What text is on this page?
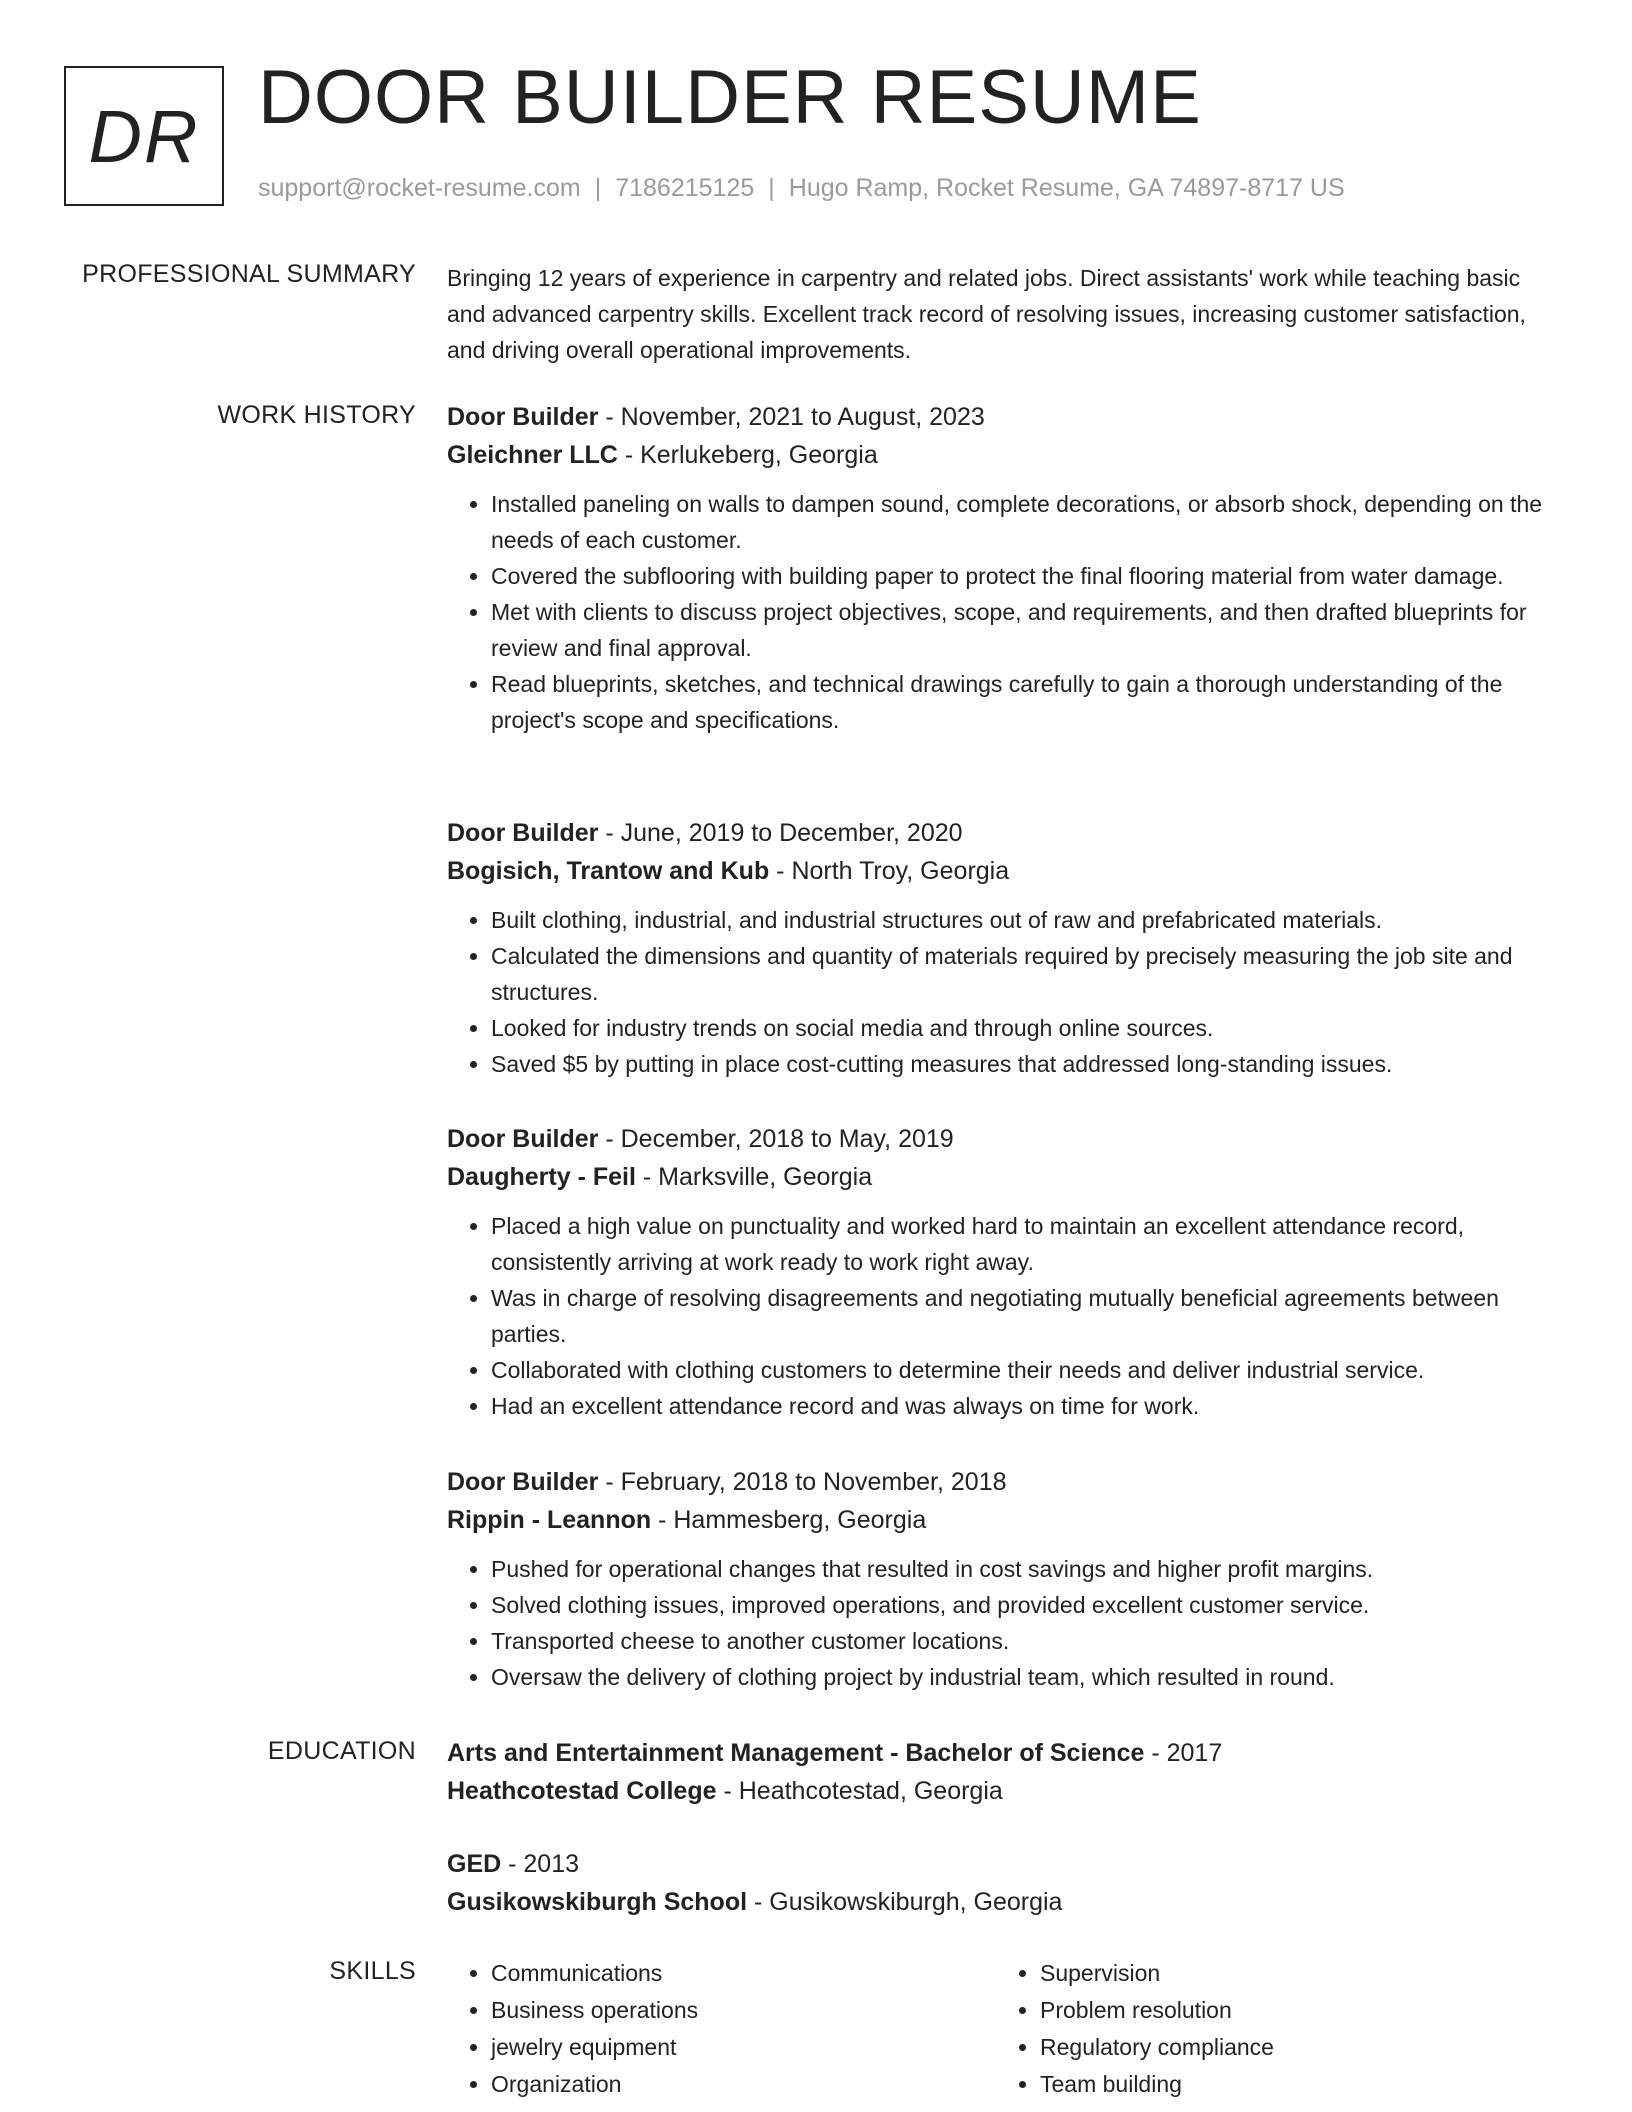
DR DOOR BUILDER RESUME
support@rocket-resume.com | 7186215125 | Hugo Ramp, Rocket Resume, GA 74897-8717 US
PROFESSIONAL SUMMARY Bringing 12 years of experience in carpentry and related jobs. Direct assistants' work while teaching basic and advanced carpentry skills. Excellent track record of resolving issues, increasing customer satisfaction, and driving overall operational improvements.
WORK HISTORY Door Builder - November, 2021 to August, 2023
Gleichner LLC - Kerlukeberg, Georgia
• Installed paneling on walls to dampen sound, complete decorations, or absorb shock, depending on the needs of each customer.
• Covered the subflooring with building paper to protect the final flooring material from water damage.
• Met with clients to discuss project objectives, scope, and requirements, and then drafted blueprints for review and final approval.
• Read blueprints, sketches, and technical drawings carefully to gain a thorough understanding of the project's scope and specifications.
Door Builder - June, 2019 to December, 2020
Bogisich, Trantow and Kub - North Troy, Georgia
• Built clothing, industrial, and industrial structures out of raw and prefabricated materials.
• Calculated the dimensions and quantity of materials required by precisely measuring the job site and structures.
• Looked for industry trends on social media and through online sources.
• Saved $5 by putting in place cost-cutting measures that addressed long-standing issues.
Door Builder - December, 2018 to May, 2019
Daugherty - Feil - Marksville, Georgia
• Placed a high value on punctuality and worked hard to maintain an excellent attendance record, consistently arriving at work ready to work right away.
• Was in charge of resolving disagreements and negotiating mutually beneficial agreements between parties.
• Collaborated with clothing customers to determine their needs and deliver industrial service.
• Had an excellent attendance record and was always on time for work.
Door Builder - February, 2018 to November, 2018
Rippin - Leannon - Hammesberg, Georgia
• Pushed for operational changes that resulted in cost savings and higher profit margins.
• Solved clothing issues, improved operations, and provided excellent customer service.
• Transported cheese to another customer locations.
• Oversaw the delivery of clothing project by industrial team, which resulted in round.
EDUCATION Arts and Entertainment Management - Bachelor of Science - 2017
Heathcotestad College - Heathcotestad, Georgia
GED - 2013
Gusikowskiburgh School - Gusikowskiburgh, Georgia
SKILLS
•	Communications
• Business operations
• jewelry equipment
• Organization
• Supervision
• Problem resolution
• Regulatory compliance
• Team building
